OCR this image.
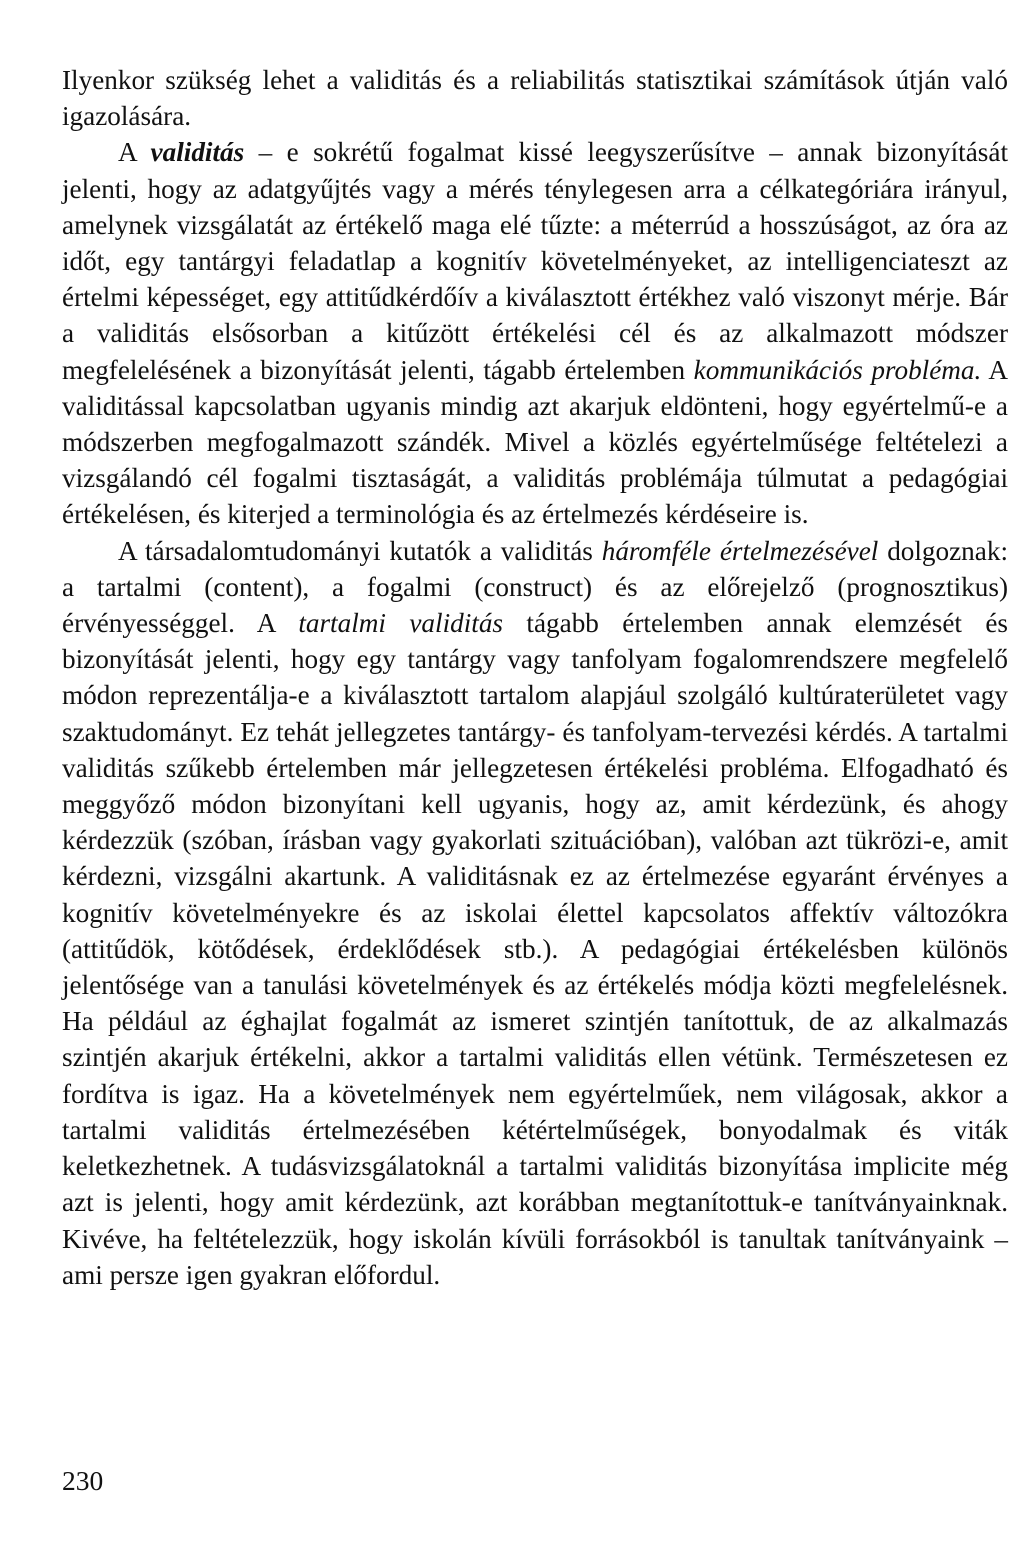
Ilyenkor szükség lehet a validitás és a reliabilitás statisztikai számítások útján való igazolására.

A validitás – e sokrétű fogalmat kissé leegyszerűsítve – annak bizonyítását jelenti, hogy az adatgyűjtés vagy a mérés ténylegesen arra a célkategóriára irányul, amelynek vizsgálatát az értékelő maga elé tűzte: a méterrúd a hosszúságot, az óra az időt, egy tantárgyi feladatlap a kognitív követelményeket, az intelligenciateszt az értelmi képességet, egy attitűdkérdőív a kiválasztott értékhez való viszonyt mérje. Bár a validitás elsősorban a kitűzött értékelési cél és az alkalmazott módszer megfelelésének a bizonyítását jelenti, tágabb értelemben kommunikációs probléma. A validitással kapcsolatban ugyanis mindig azt akarjuk eldönteni, hogy egyértelmű-e a módszerben megfogalmazott szándék. Mivel a közlés egyértelműsége feltételezi a vizsgálandó cél fogalmi tisztaságát, a validitás problémája túlmutat a pedagógiai értékelésen, és kiterjed a terminológia és az értelmezés kérdéseire is.

A társadalomtudományi kutatók a validitás háromféle értelmezésével dolgoznak: a tartalmi (content), a fogalmi (construct) és az előrejelző (prognosztikus) érvényességgel. A tartalmi validitás tágabb értelemben annak elemzését és bizonyítását jelenti, hogy egy tantárgy vagy tanfolyam fogalomrendszere megfelelő módon reprezentálja-e a kiválasztott tartalom alapjául szolgáló kultúraterületet vagy szaktudományt. Ez tehát jellegzetes tantárgy- és tanfolyam-tervezési kérdés. A tartalmi validitás szűkebb értelemben már jellegzetesen értékelési probléma. Elfogadható és meggyőző módon bizonyítani kell ugyanis, hogy az, amit kérdezünk, és ahogy kérdezzük (szóban, írásban vagy gyakorlati szituációban), valóban azt tükrözi-e, amit kérdezni, vizsgálni akartunk. A validitásnak ez az értelmezése egyaránt érvényes a kognitív követelményekre és az iskolai élettel kapcsolatos affektív változókra (attitűdök, kötődések, érdeklődések stb.). A pedagógiai értékelésben különös jelentősége van a tanulási követelmények és az értékelés módja közti megfelelésnek. Ha például az éghajlat fogalmát az ismeret szintjén tanítottuk, de az alkalmazás szintjén akarjuk értékelni, akkor a tartalmi validitás ellen vétünk. Természetesen ez fordítva is igaz. Ha a követelmények nem egyértelműek, nem világosak, akkor a tartalmi validitás értelmezésében kétértelműségek, bonyodalmak és viták keletkezhetnek. A tudásvizsgálatoknál a tartalmi validitás bizonyítása implicite még azt is jelenti, hogy amit kérdezünk, azt korábban megtanítottuk-e tanítványainknak. Kivéve, ha feltételezzük, hogy iskolán kívüli forrásokból is tanultak tanítványaink – ami persze igen gyakran előfordul.

230
